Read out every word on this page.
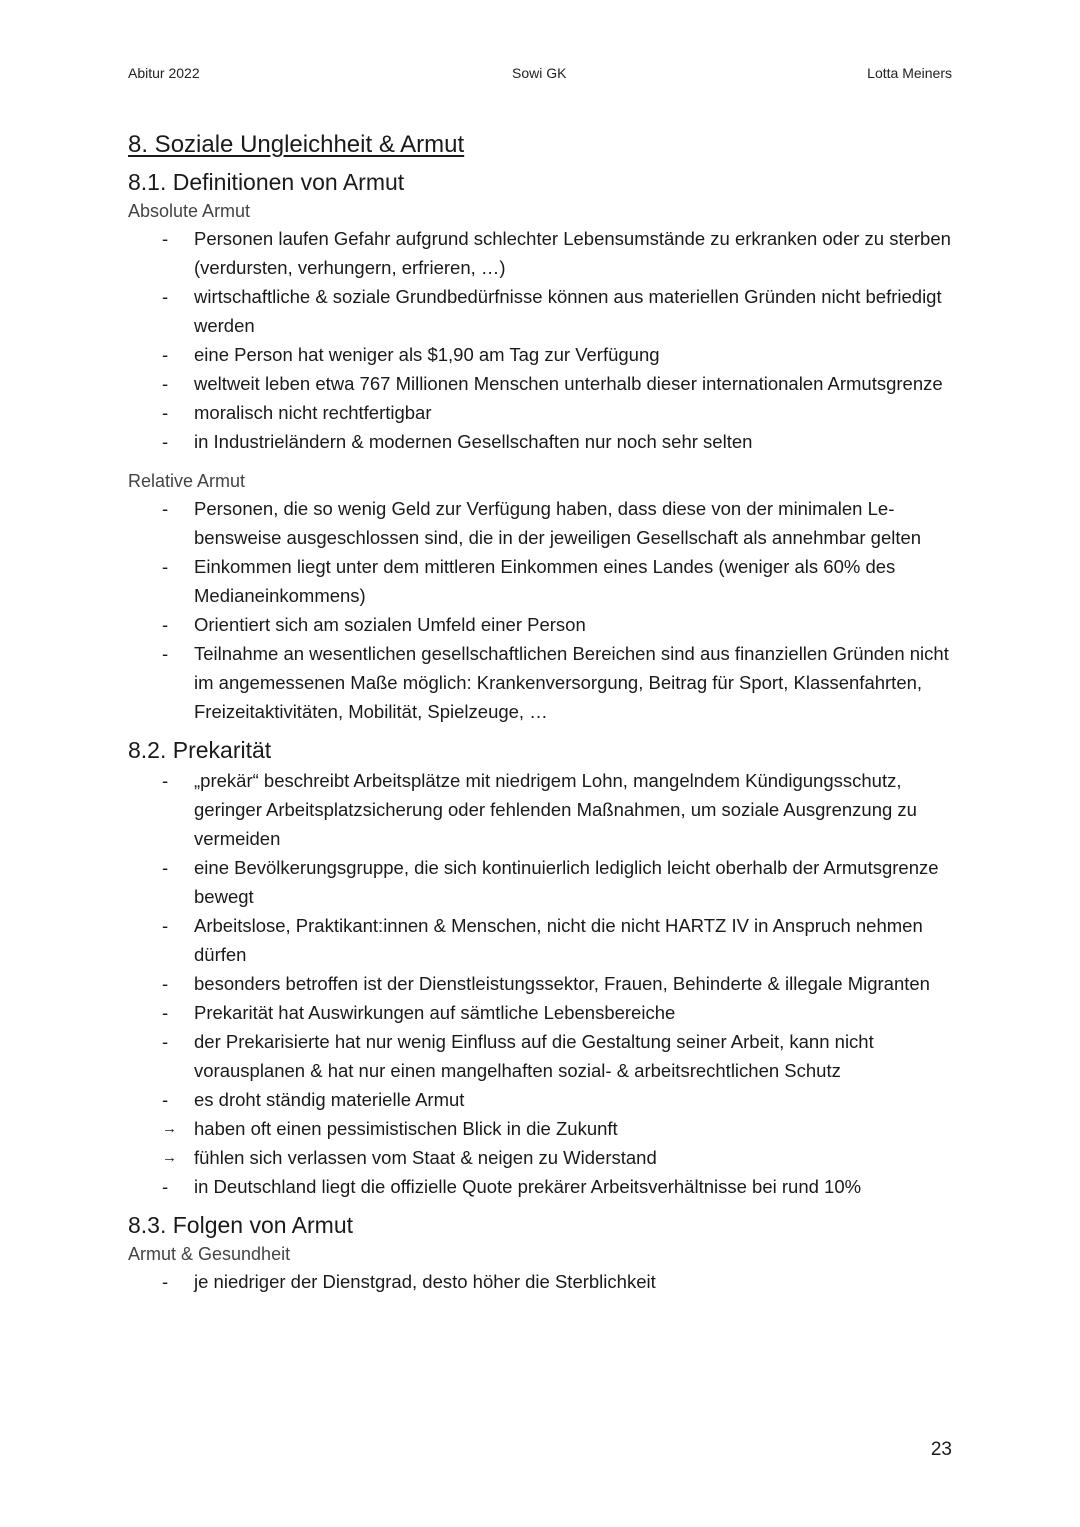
Abitur 2022	Sowi GK	Lotta Meiners
8. Soziale Ungleichheit & Armut
8.1. Definitionen von Armut
Absolute Armut
-	Personen laufen Gefahr aufgrund schlechter Lebensumstände zu erkranken oder zu sterben (verdursten, verhungern, erfrieren, …)
-	wirtschaftliche & soziale Grundbedürfnisse können aus materiellen Gründen nicht befriedigt werden
-	eine Person hat weniger als $1,90 am Tag zur Verfügung
-	weltweit leben etwa 767 Millionen Menschen unterhalb dieser internationalen Armutsgrenze
-	moralisch nicht rechtfertigbar
-	in Industrieländern & modernen Gesellschaften nur noch sehr selten
Relative Armut
-	Personen, die so wenig Geld zur Verfügung haben, dass diese von der minimalen Lebensweise ausgeschlossen sind, die in der jeweiligen Gesellschaft als annehmbar gelten
-	Einkommen liegt unter dem mittleren Einkommen eines Landes (weniger als 60% des Medianeinkommens)
-	Orientiert sich am sozialen Umfeld einer Person
-	Teilnahme an wesentlichen gesellschaftlichen Bereichen sind aus finanziellen Gründen nicht im angemessenen Maße möglich: Krankenversorgung, Beitrag für Sport, Klassenfahrten, Freizeitaktivitäten, Mobilität, Spielzeuge, …
8.2. Prekarität
-	„prekär“ beschreibt Arbeitsplätze mit niedrigem Lohn, mangelndem Kündigungsschutz, geringer Arbeitsplatzsicherung oder fehlenden Maßnahmen, um soziale Ausgrenzung zu vermeiden
-	eine Bevölkerungsgruppe, die sich kontinuierlich lediglich leicht oberhalb der Armutsgrenze bewegt
-	Arbeitslose, Praktikant:innen & Menschen, nicht die nicht HARTZ IV in Anspruch nehmen dürfen
-	besonders betroffen ist der Dienstleistungssektor, Frauen, Behinderte & illegale Migranten
-	Prekarität hat Auswirkungen auf sämtliche Lebensbereiche
-	der Prekarisierte hat nur wenig Einfluss auf die Gestaltung seiner Arbeit, kann nicht vorausplanen & hat nur einen mangelhaften sozial- & arbeitsrechtlichen Schutz
-	es droht ständig materielle Armut
→ haben oft einen pessimistischen Blick in die Zukunft
→ fühlen sich verlassen vom Staat & neigen zu Widerstand
-	in Deutschland liegt die offizielle Quote prekärer Arbeitsverhältnisse bei rund 10%
8.3. Folgen von Armut
Armut & Gesundheit
-	je niedriger der Dienstgrad, desto höher die Sterblichkeit
23
